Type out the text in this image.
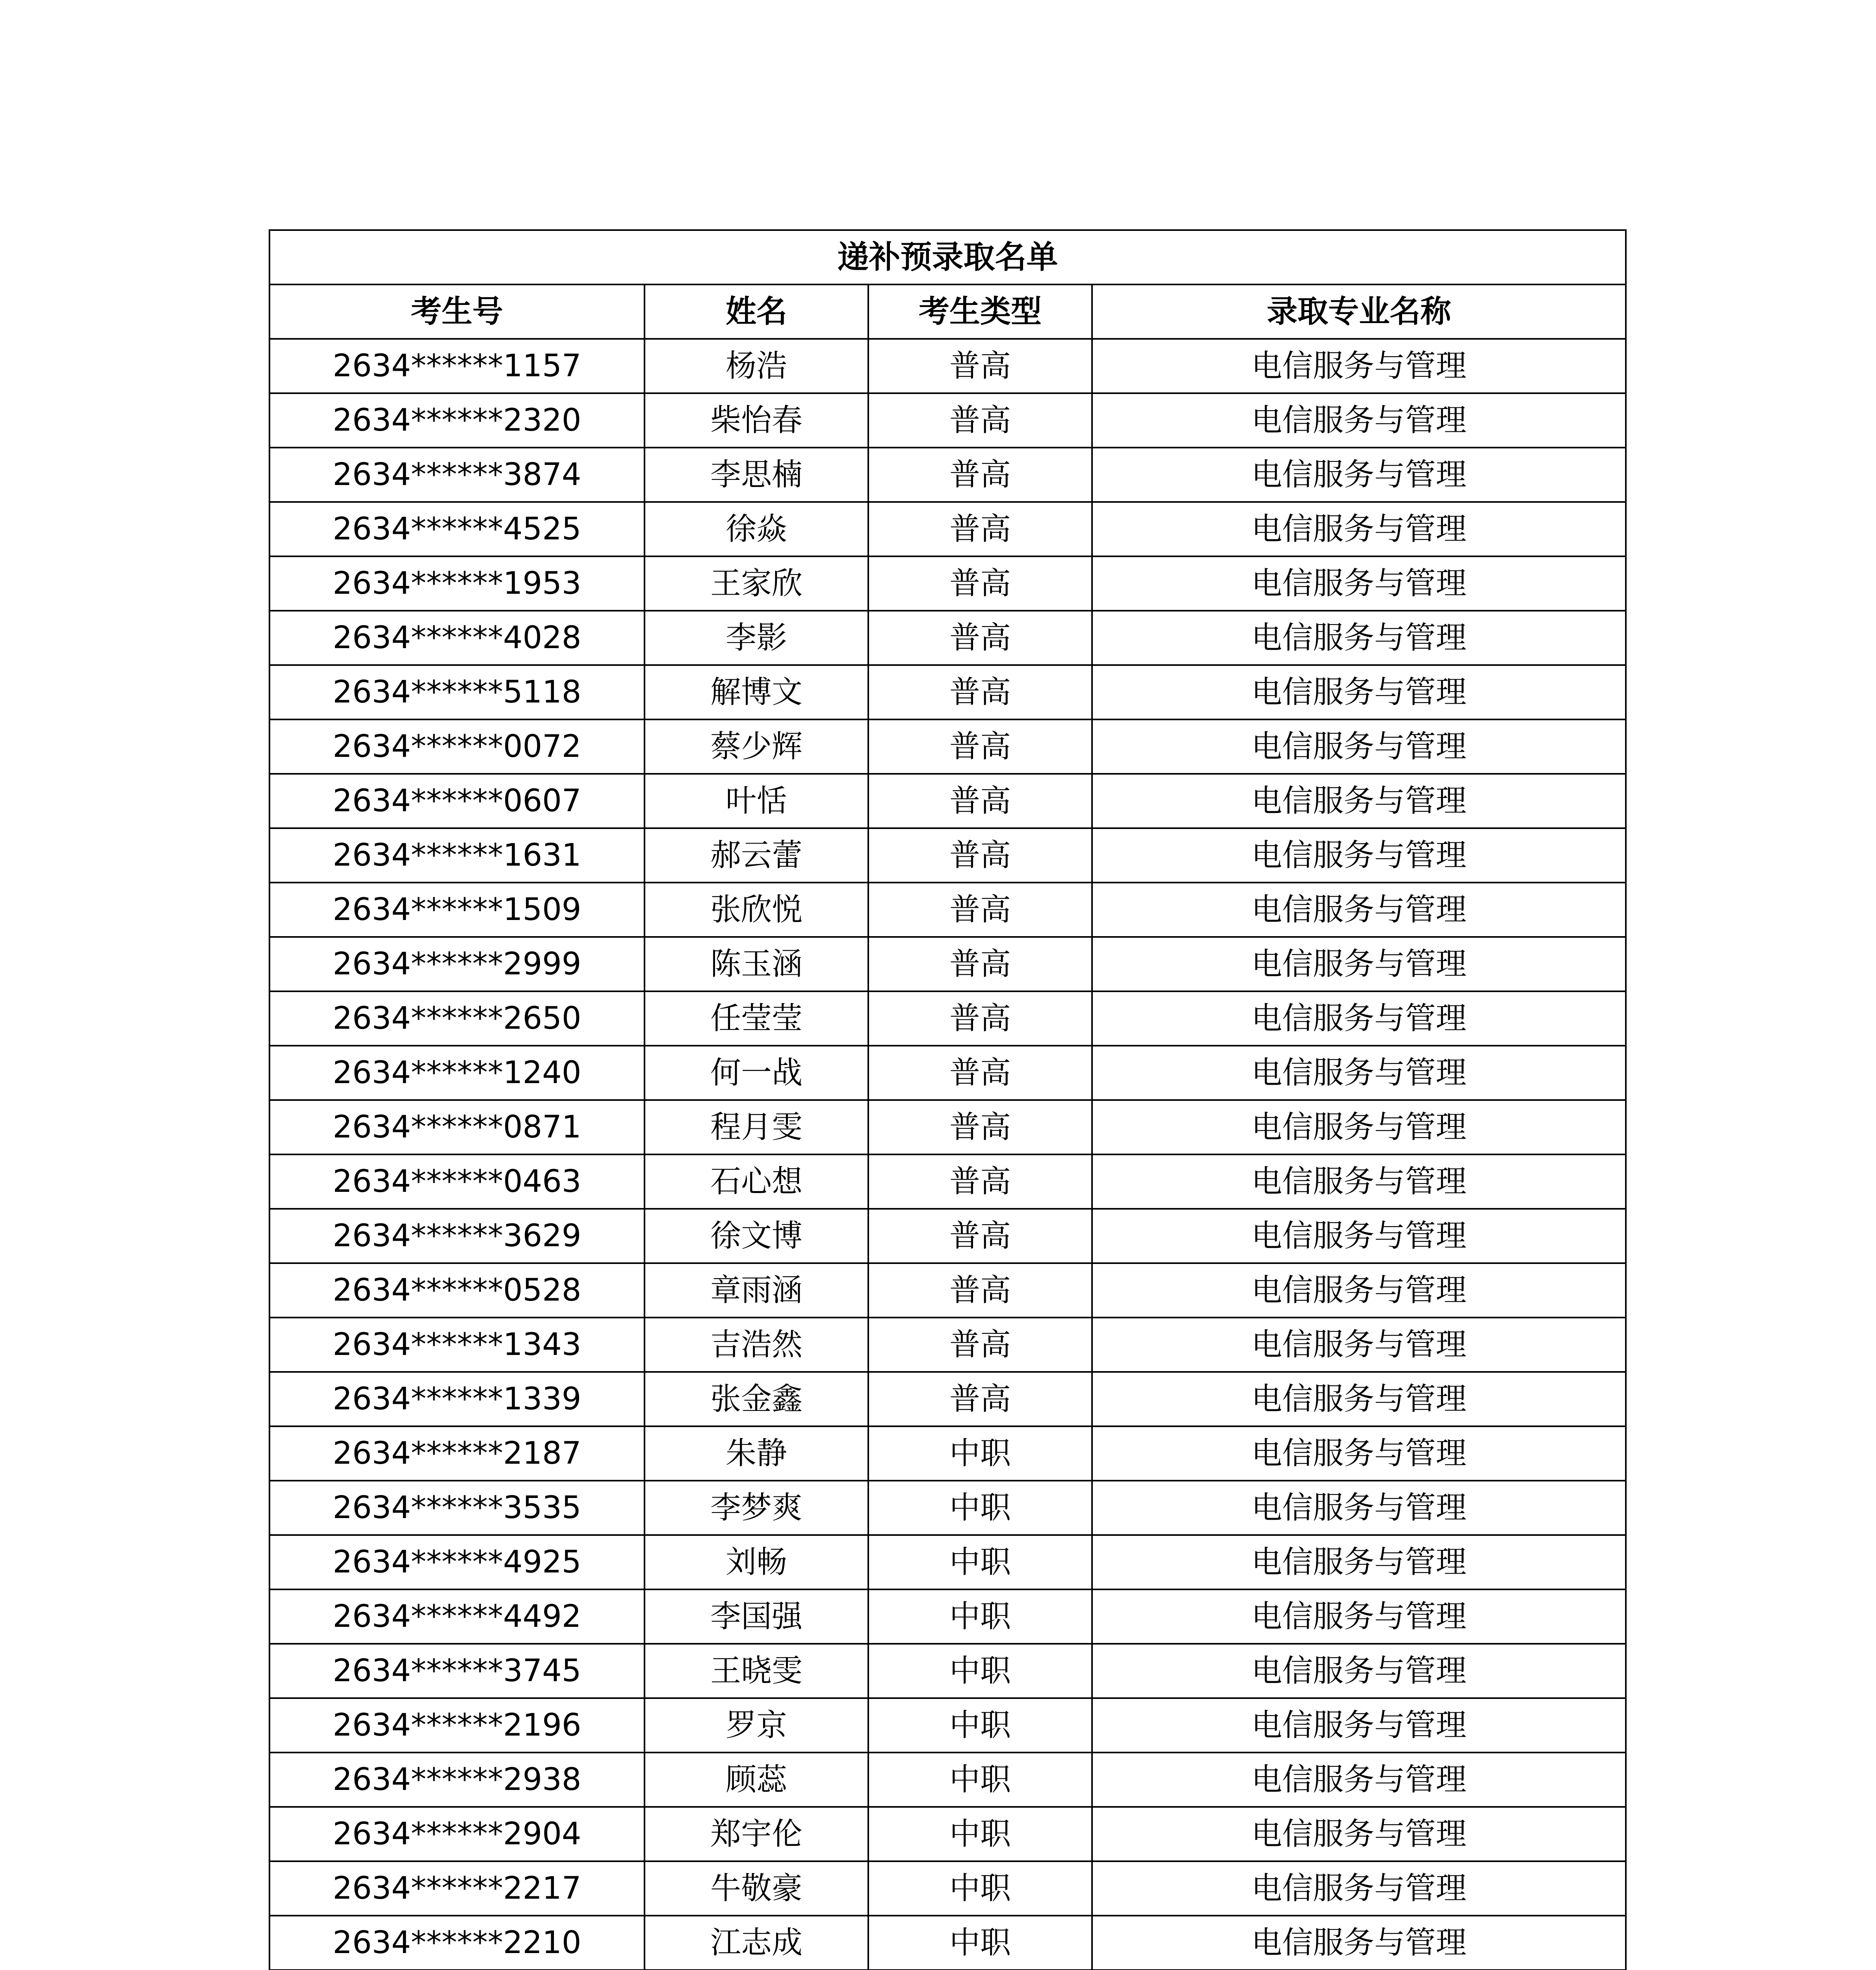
递补预录取名单			
考生号	姓名	考生类型	录取专业名称
2634******1157	杨浩	普高	电信服务与管理
2634******2320	柴怡春	普高	电信服务与管理
2634******3874	李思楠	普高	电信服务与管理
2634******4525	徐焱	普高	电信服务与管理
2634******1953	王家欣	普高	电信服务与管理
2634******4028	李影	普高	电信服务与管理
2634******5118	解博文	普高	电信服务与管理
2634******0072	蔡少辉	普高	电信服务与管理
2634******0607	叶恬	普高	电信服务与管理
2634******1631	郝云蕾	普高	电信服务与管理
2634******1509	张欣悦	普高	电信服务与管理
2634******2999	陈玉涵	普高	电信服务与管理
2634******2650	任莹莹	普高	电信服务与管理
2634******1240	何一战	普高	电信服务与管理
2634******0871	程月雯	普高	电信服务与管理
2634******0463	石心想	普高	电信服务与管理
2634******3629	徐文博	普高	电信服务与管理
2634******0528	章雨涵	普高	电信服务与管理
2634******1343	吉浩然	普高	电信服务与管理
2634******1339	张金鑫	普高	电信服务与管理
2634******2187	朱静	中职	电信服务与管理
2634******3535	李梦爽	中职	电信服务与管理
2634******4925	刘畅	中职	电信服务与管理
2634******4492	李国强	中职	电信服务与管理
2634******3745	王晓雯	中职	电信服务与管理
2634******2196	罗京	中职	电信服务与管理
2634******2938	顾蕊	中职	电信服务与管理
2634******2904	郑宇伦	中职	电信服务与管理
2634******2217	牛敬豪	中职	电信服务与管理
2634******2210	江志成	中职	电信服务与管理
